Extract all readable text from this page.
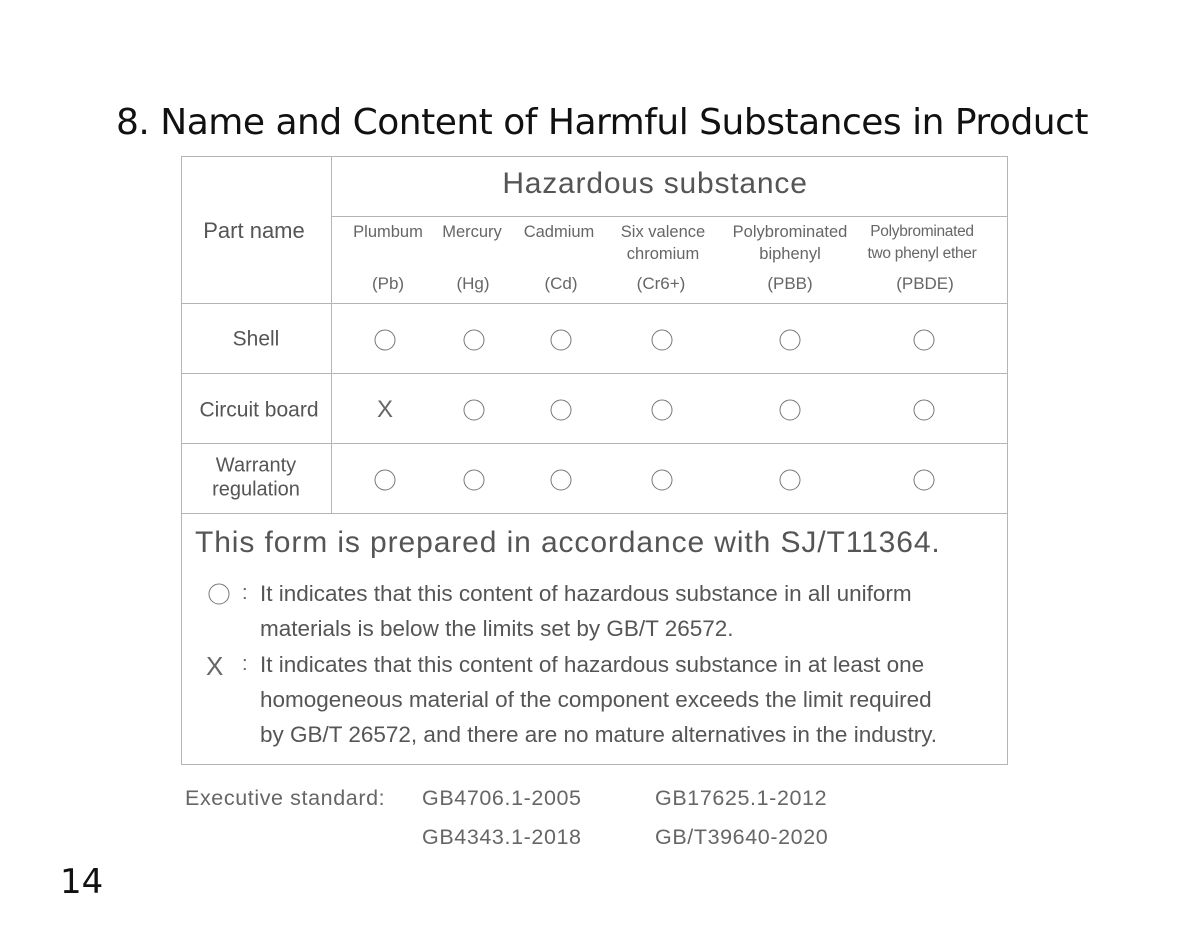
8. Name and Content of Harmful Substances in Product
Part name
Hazardous substance
Plumbum
(Pb)
Mercury
(Hg)
Cadmium
(Cd)
Six valence
chromium
(Cr6+)
Polybrominated
biphenyl
(PBB)
Polybrominated
two phenyl ether
(PBDE)
Shell
Circuit board
Warranty
regulation
X
This form is prepared in accordance with SJ/T11364.
: It indicates that this content of hazardous substance in all uniform
materials is below the limits set by GB/T 26572.
X : It indicates that this content of hazardous substance in at least one
homogeneous material of the component exceeds the limit required
by GB/T 26572, and there are no mature alternatives in the industry.
Executive standard: GB4706.1-2005	GB17625.1-2012
GB4343.1-2018	GB/T39640-2020
14
